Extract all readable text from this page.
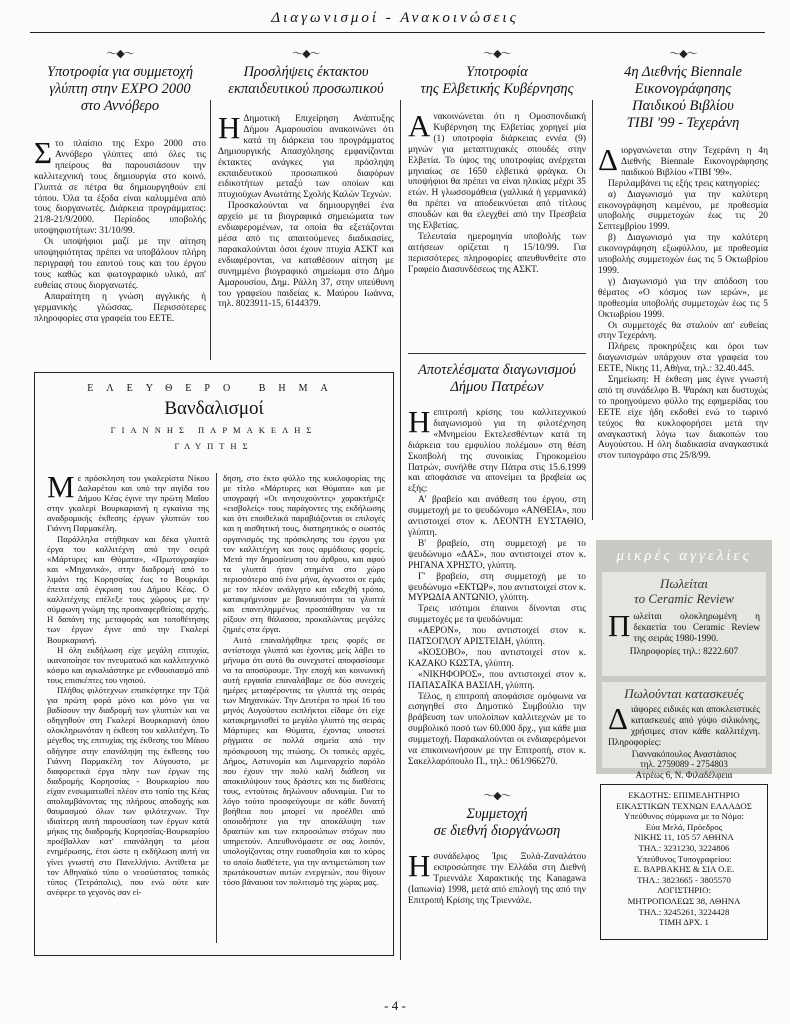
Διαγωνισμοί - Ανακοινώσεις
〜◆〜
Υποτροφία για συμμετοχή
γλύπτη στην EXPO 2000
στο Αννόβερο

Στο πλαίσιο της Expo 2000 στο Αννόβερο γλύπτες από όλες τις ηπείρους θα παρουσιάσουν την καλλιτεχνική τους δημιουργία στο κοινό. Γλυπτά σε πέτρα θα δημιουργηθούν επί τόπου. Όλα τα έξοδα είναι καλυμμένα από τους διοργανωτές. Διάρκεια προγράμματος: 21/8-21/9/2000. Περίοδος υποβολής υποψηφιοτήτων: 31/10/99.

Οι υποψήφιοι μαζί με την αίτηση υποψηφιότητας πρέπει να υποβάλουν πλήρη περιγραφή του εαυτού τους και του έργου τους καθώς και φωτογραφικό υλικό, απ' ευθείας στους διοργανωτές.

Απαραίτητη η γνώση αγγλικής ή γερμανικής γλώσσας. Περισσότερες πληροφορίες στα γραφεία του ΕΕΤΕ.

〜◆〜
Προσλήψεις έκτακτου
εκπαιδευτικού προσωπικού

Η Δημοτική Επιχείρηση Ανάπτυξης Δήμου Αμαρουσίου ανακοινώνει ότι κατά τη διάρκεια του προγράμματος Δημιουργικής Απασχόλησης εμφανίζονται έκτακτες ανάγκες για πρόσληψη εκπαιδευτικού προσωπικού διαφόρων ειδικοτήτων μεταξύ των οποίων και πτυχιούχων Ανωτάτης Σχολής Καλών Τεχνών.

Προσκαλούνται να δημιουργηθεί ένα αρχείο με τα βιογραφικά σημειώματα των ενδιαφερομένων, τα οποία θα εξετάζονται μέσα από τις απαιτούμενες διαδικασίες, παρακαλούνται όσοι έχουν πτυχία ΑΣΚΤ και ενδιαφέρονται, να καταθέσουν αίτηση με συνημμένο βιογραφικό σημείωμα στο Δήμο Αμαρουσίου, Δημ. Ράλλη 37, στην υπεύθυνη του γραφείου παιδείας κ. Μαύρου Ιωάννα, τηλ. 8023911-15, 6144379.

ΕΛΕΥΘΕΡΟ ΒΗΜΑ
Βανδαλισμοί
ΓΙΑΝΝΗΣ ΠΑΡΜΑΚΕΛΗΣ
ΓΛΥΠΤΗΣ

Με πρόσκληση του γκαλερίστα Νίκου Δαλαρέτου και υπό την αιγίδα του Δήμου Κέας έγινε την πρώτη Μαΐου στην γκαλερί Βουρκαριανή η εγκαίνια της αναδρομικής έκθεσης έργων γλυπτών του Γιάννη Παρμακέλη.

Παράλληλα στήθηκαν και δέκα γλυπτά έργα του καλλιτέχνη από την σειρά «Μάρτυρες και Θύματα», «Πρωτογραφία» και «Μηχανικά», στην διαδρομή από το λιμάνι της Κορησσίας έως το Βουρκάρι έπειτα από έγκριση του Δήμου Κέας. Ο καλλιτέχνης επέλεξε τους χώρους με την σύμφωνη γνώμη της προαναφερθείσας αρχής. Η δαπάνη της μεταφοράς και τοποθέτησης των έργων έγινε από την Γκαλερί Βουρκαριανή.

Η όλη εκδήλωση είχε μεγάλη επιτυχία, ικανοποίησε τον πνευματικό και καλλιτεχνικό κόσμο και αγκαλιάστηκε με ενθουσιασμό από τους επισκέπτες του νησιού.

Πλήθος φιλότεχνων επισκέφτηκε την Τζιά για πρώτη φορά μόνο και μόνο για να βαδίσουν την διαδρομή των γλυπτών και να οδηγηθούν στη Γκαλερί Βουρκαριανή όπου ολοκληρωνόταν η έκθεση του καλλιτέχνη. Το μέγεθος της επιτυχίας της έκθεσης του Μάιου οδήγησε στην επανάληψη της έκθεσης του Γιάννη Παρμακέλη τον Αύγουστο, με διαφορετικά έργα πλην των έργων της διαδρομής Κορησσίας - Βουρκαρίου που είχαν ενσωματωθεί πλέον στο τοπίο της Κέας απολαμβάνοντας της πλήρους αποδοχής και θαυμασμού όλων των φιλότεχνων. Την ιδιαίτερη αυτή παρουσίαση των έργων κατά μήκος της διαδρομής Κορησσίας-Βουρκαρίου προέβαλλαν κατ' επανάληψη τα μέσα ενημέρωσης, έτσι ώστε η εκδήλωση αυτή να γίνει γνωστή στο Πανελλήνιο. Αντίθετα με τον Αθηναϊκό τύπο ο νεοσύστατος τοπικός τύπος (Τετράπολις), που ενώ ούτε καν ανέφερε το γεγονός σαν εί-

δηση, στο έκτο φύλλο της κυκλοφορίας της με τίτλο «Μάρτυρες και Θύματα» και με υπογραφή «Οι ανησυχούντες» χαρακτήριζε «εισβολείς» τους παράγοντες της εκδήλωσης και ότι εποιθελικά παραβιάζονται οι επιλογές και η αισθητική τους, διατηρητικός ο σωστός οργανισμός της πρόσκλησης του έργου για τον καλλιτέχνη και τους αρμόδιους φορείς. Μετά την δημοσίευση του άρθρου, και αφού τα γλυπτά ήταν στημένα στο χώρο περισσότερο από ένα μήνα, άγνωστοι σε εμάς με τον πλέον ανάλγητο και ειδεχθή τρόπο, κατακρήμνισαν με βαναυσότητα τα γλυπτά και επανειλημμένως προσπάθησαν να τα ρίξουν στη θάλασσα, προκαλώντας μεγάλες ζημιές στα έργα.

Αυτό επαναλήφθηκε τρεις φορές σε αντίστοιχα γλυπτά και έχοντας μείς λάβει το μήνυμα ότι αυτό θα συνεχιστεί αποφασίσαμε να τα αποσύρουμε. Την εποχή και κοινωνική αυτή εργασία επαναλάβαμε σε δύο συνεχείς ημέρες μεταφέροντας τα γλυπτά της σειράς των Μηχανικών. Την Δευτέρα το πρωί 16 του μηνός Αυγούστου εκπλήκτοι είδαμε ότι είχε κατακρημνισθεί το μεγάλο γλυπτό της σειράς Μάρτυρες και Θύματα, έχοντας υποστεί ρήγματα σε πολλά σημεία από την πρόσκρουση της πτώσης. Οι τοπικές αρχές, Δήμος, Αστυνομία και Λιμεναρχείο παρόλο που έχουν την πολύ καλή διάθεση να αποκαλύψουν τους δράστες και τις διαθέσεις τους, εντούτοις δηλώνουν αδυναμία. Για το λόγο τούτο προσφεύγουμε σε κάθε δυνατή βοήθεια που μπορεί να προέλθει από οποιοδήποτε για την αποκάλυψη των δραστών και των εκπροσώπων στόχων που υπηρετούν. Απευθυνόμαστε σε σας λοιπόν, υπολογίζοντας στην ευαισθησία και το κύρος το οποίο διαθέτετε, για την αντιμετώπιση των πρωτάκουστων αυτών ενεργειών, που θίγουν τόσο βάναυσα τον πολιτισμό της χώρας μας.

〜◆〜
Υποτροφία
της Ελβετικής Κυβέρνησης

Ανακοινώνεται ότι η Ομοσπονδιακή Κυβέρνηση της Ελβετίας χορηγεί μία (1) υποτροφία διάρκειας εννέα (9) μηνών για μεταπτυχιακές σπουδές στην Ελβετία. Το ύψος της υποτροφίας ανέρχεται μηνιαίως σε 1650 ελβετικά φράγκα. Οι υποψήφιοι θα πρέπει να είναι ηλικίας μέχρι 35 ετών. Η γλωσσομάθεια (γαλλικά ή γερμανικά) θα πρέπει να αποδεικνύεται από τίτλους σπουδών και θα ελεγχθεί από την Πρεσβεία της Ελβετίας.

Τελευταία ημερομηνία υποβολής των αιτήσεων ορίζεται η 15/10/99. Για περισσότερες πληροφορίες απευθυνθείτε στο Γραφείο Διασυνδέσεως της ΑΣΚΤ.

Αποτελέσματα διαγωνισμού
Δήμου Πατρέων

Ηεπιτροπή κρίσης του καλλιτεχνικού διαγωνισμού για τη φιλοτέχνηση «Μνημείου Εκτελεσθέντων κατά τη διάρκεια του εμφυλίου πολέμου» στη θέση Σκοπβολή της συνοικίας Γηροκομείου Πατρών, συνήλθε στην Πάτρα στις 15.6.1999 και αποφάσισε να απονείμει τα βραβεία ως εξής:

Α' βραβείο και ανάθεση του έργου, στη συμμετοχή με το ψευδώνυμο «ΑΝΘΕΙΑ», που αντιστοιχεί στον κ. ΛΕΟΝΤΗ ΕΥΣΤΑΘΙΟ, γλύπτη.

Β' βραβείο, στη συμμετοχή με το ψευδώνυμο «ΔΑΣ», που αντιστοιχεί στον κ. ΡΗΓΑΝΑ ΧΡΗΣΤΟ, γλύπτη.

Γ' βραβείο, στη συμμετοχή με το ψευδώνυμο «ΕΚΤΩΡ», που αντιστοιχεί στον κ. ΜΥΡΩΔΙΑ ΑΝΤΩΝΙΟ, γλύπτη.

Τρεις ισότιμοι έπαινοι δίνονται στις συμμετοχές με τα ψευδώνυμα:

«ΑΕΡΟΝ», που αντιστοιχεί στον κ. ΠΑΤΣΟΓΛΟΥ ΑΡΙΣΤΕΙΔΗ, γλύπτη.

«ΚΟΣΟΒΟ», που αντιστοιχεί στον κ. ΚΑΖΑΚΟ ΚΩΣΤΑ, γλύπτη.

«ΝΙΚΗΦΟΡΟΣ», που αντιστοιχεί στον κ. ΠΑΠΑΣΑΪΚΑ ΒΑΣΙΛΗ, γλύπτη.

Τέλος, η επιτροπή αποφάσισε ομόφωνα να εισηγηθεί στο Δημοτικό Συμβούλιο την βράβευση των υπολοίπων καλλιτεχνών με το συμβολικό ποσό των 60.000 δρχ., για κάθε μια συμμετοχή. Παρακαλούνται οι ενδιαφερόμενοι να επικοινωνήσουν με την Επιτροπή, στον κ. Σακελλαρόπουλο Π., τηλ.: 061/966270.

〜◆〜
Συμμετοχή
σε διεθνή διοργάνωση

Ησυνάδελφος Ίρις Ξυλά-Ζαναλάτου εκπροσώπησε την Ελλάδα στη Διεθνή Τριεννάλε Χαρακτικής της Kanagawa (Ιαπωνία) 1998, μετά από επιλογή της από την Επιτροπή Κρίσης της Τριεννάλε.

〜◆〜
4η Διεθνής Biennale
Εικονογράφησης
Παιδικού Βιβλίου
TIBI '99 - Τεχεράνη

Διοργανώνεται στην Τεχεράνη η 4η Διεθνής Biennale Εικονογράφησης παιδικού Βιβλίου «TIBI '99».

Περιλαμβάνει τις εξής τρεις κατηγορίες:

α) Διαγωνισμό για την καλύτερη εικονογράφηση κειμένου, με προθεσμία υποβολής συμμετοχών έως τις 20 Σεπτεμβρίου 1999.

β) Διαγωνισμό για την καλύτερη εικονογράφηση εξωφύλλου, με προθεσμία υποβολής συμμετοχών έως τις 5 Οκτωβρίου 1999.

γ) Διαγωνισμό για την απόδοση του θέματος «Ο κόσμος των ιερών», με προθεσμία υποβολής συμμετοχών έως τις 5 Οκτωβρίου 1999.

Οι συμμετοχές θα σταλούν απ' ευθείας στην Τεχεράνη.

Πλήρεις προκηρύξεις και όροι των διαγωνισμών υπάρχουν στα γραφεία του ΕΕΤΕ, Νίκης 11, Αθήνα, τηλ.: 32.40.445.

Σημείωση: Η έκθεση μας έγινε γνωστή από τη συνάδελφο Β. Ψαράκη και δυστυχώς το προηγούμενο φύλλο της εφημερίδας του ΕΕΤΕ είχε ήδη εκδοθεί ενώ το τωρινό τεύχος θα κυκλοφορήσει μετά την αναγκαστική λόγω των διακοπών του Αυγούστου. Η όλη διαδικασία αναγκαστικά στον τυπογράφο στις 25/8/99.

μικρές αγγελίες
Πωλείται
το Ceramic Review
Πωλείται ολοκληρωμένη η δεκαετία του Ceramic Review της σειράς 1980-1990.
Πληροφορίες τηλ.: 8222.607
Πωλούνται κατασκευές
Διάφορες ειδικές και αποκλειστικές κατασκευές από γύψο σιλικόνης, χρήσιμες στον κάθε καλλιτέχνη. Πληροφορίες:
Γιαννακόπουλος Αναστάσιος
τηλ. 2759089 - 2754803
Ατρέως 6, Ν. Φιλαδέλφεια
ΕΚΔΟΤΗΣ: ΕΠΙΜΕΛΗΤΗΡΙΟ
ΕΙΚΑΣΤΙΚΩΝ ΤΕΧΝΩΝ ΕΛΛΑΔΟΣ
Υπεύθυνος σύμφωνα με το Νόμο:
Εύα Μελά, Πρόεδρος
ΝΙΚΗΣ 11, 105 57 ΑΘΗΝΑ
ΤΗΛ.: 3231230, 3224806
Υπεύθυνος Τυπογραφείου:
Ε. ΒΑΡΒΑΚΗΣ & ΣΙΑ Ο.Ε.
ΤΗΛ.: 3823665 - 3805570
ΛΟΓΙΣΤΗΡΙΟ:
ΜΗΤΡΟΠΟΛΕΩΣ 38, ΑΘΗΝΑ
ΤΗΛ.: 3245261, 3224428
ΤΙΜΗ ΔΡΧ. 1
- 4 -
